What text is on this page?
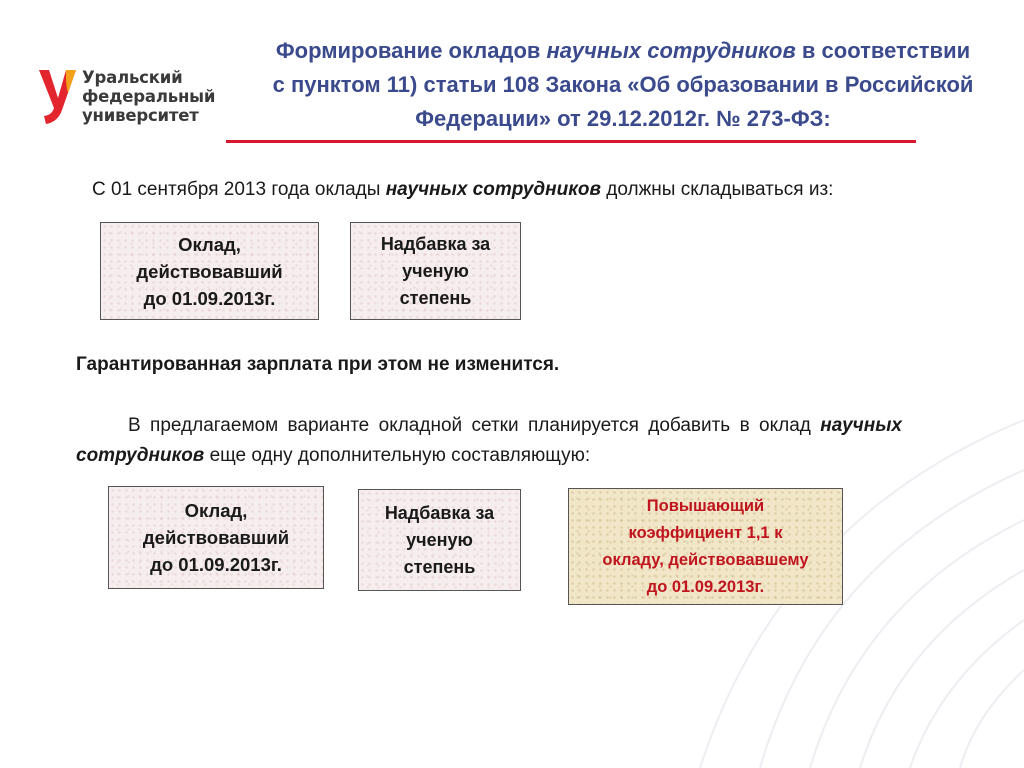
Уральский
федеральный
университет
Формирование окладов научных сотрудников в соответствии
с пунктом 11) статьи 108 Закона «Об образовании в Российской
Федерации» от 29.12.2012г. № 273-ФЗ:
С 01 сентября 2013 года оклады научных сотрудников должны складываться из:
Оклад,
действовавший
до 01.09.2013г.
Надбавка за
ученую
степень
Гарантированная зарплата при этом не изменится.
В предлагаемом варианте окладной сетки планируется добавить в оклад научных сотрудников еще одну дополнительную составляющую:
Оклад,
действовавший
до 01.09.2013г.
Надбавка за
ученую
степень
Повышающий
коэффициент 1,1 к
окладу, действовавшему
до 01.09.2013г.
